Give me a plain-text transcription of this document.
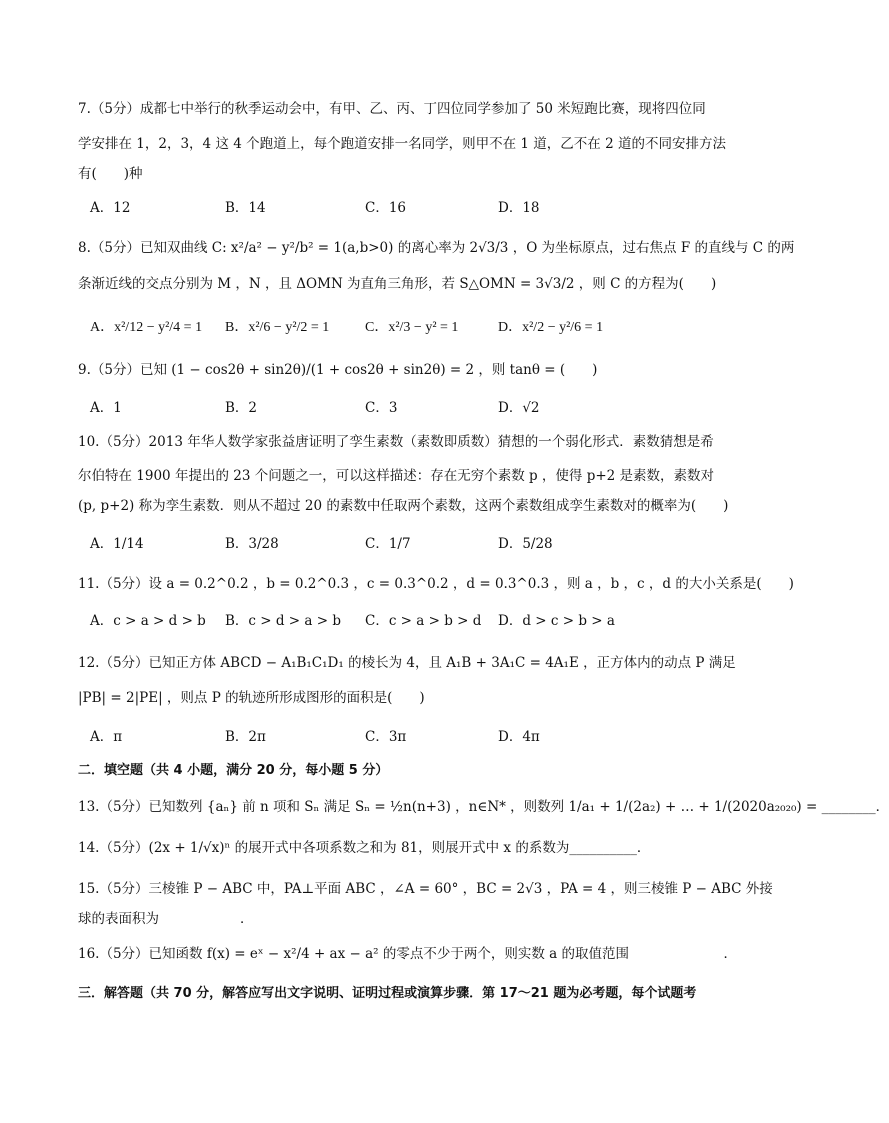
7.（5分）成都七中举行的秋季运动会中，有甲、乙、丙、丁四位同学参加了 50 米短跑比赛，现将四位同
学安排在 1，2，3，4 这 4 个跑道上，每个跑道安排一名同学，则甲不在 1 道，乙不在 2 道的不同安排方法
有(　　)种
A．12	B．14	C．16	D．18
8.（5分）已知双曲线 C: x²/a² − y²/b² = 1(a,b>0) 的离心率为 2√3/3 ，O 为坐标原点，过右焦点 F 的直线与 C 的两
条渐近线的交点分别为 M ，N ，且 ΔOMN 为直角三角形，若 S△OMN = 3√3/2 ，则 C 的方程为(　　)
A．x²/12 − y²/4 = 1 B．x²/6 − y²/2 = 1	C．x²/3 − y² = 1	D．x²/2 − y²/6 = 1
9.（5分）已知 (1 − cos2θ + sin2θ)/(1 + cos2θ + sin2θ) = 2 ，则 tanθ = (　　)
A．1	B．2	C．3	D．√2
10.（5分）2013 年华人数学家张益唐证明了孪生素数（素数即质数）猜想的一个弱化形式．素数猜想是希
尔伯特在 1900 年提出的 23 个问题之一，可以这样描述：存在无穷个素数 p ，使得 p+2 是素数，素数对
(p, p+2) 称为孪生素数．则从不超过 20 的素数中任取两个素数，这两个素数组成孪生素数对的概率为(　　)
A．1/14	B．3/28	C．1/7	D．5/28
11.（5分）设 a = 0.2^0.2 ，b = 0.2^0.3 ，c = 0.3^0.2 ，d = 0.3^0.3 ，则 a ，b ，c ，d 的大小关系是(　　)
A．c > a > d > b B．c > d > a > b C．c > a > b > d D．d > c > b > a
12.（5分）已知正方体 ABCD − A₁B₁C₁D₁ 的棱长为 4，且 A₁B + 3A₁C = 4A₁E ，正方体内的动点 P 满足
|PB| = 2|PE| ，则点 P 的轨迹所形成图形的面积是(　　)
A．π	B．2π	C．3π	D．4π
二．填空题（共 4 小题，满分 20 分，每小题 5 分）
13.（5分）已知数列 {aₙ} 前 n 项和 Sₙ 满足 Sₙ = ½n(n+3) ，n∈N* ，则数列 1/a₁ + 1/(2a₂) + … + 1/(2020a₂₀₂₀) = ________．
14.（5分）(2x + 1/√x)ⁿ 的展开式中各项系数之和为 81，则展开式中 x 的系数为__________．
15.（5分）三棱锥 P − ABC 中，PA⊥平面 ABC ，∠A = 60° ，BC = 2√3 ，PA = 4 ，则三棱锥 P − ABC 外接
球的表面积为　　　　　　．
16.（5分）已知函数 f(x) = eˣ − x²/4 + ax − a² 的零点不少于两个，则实数 a 的取值范围　　　　　　　．
三．解答题（共 70 分，解答应写出文字说明、证明过程或演算步骤．第 17～21 题为必考题，每个试题考
